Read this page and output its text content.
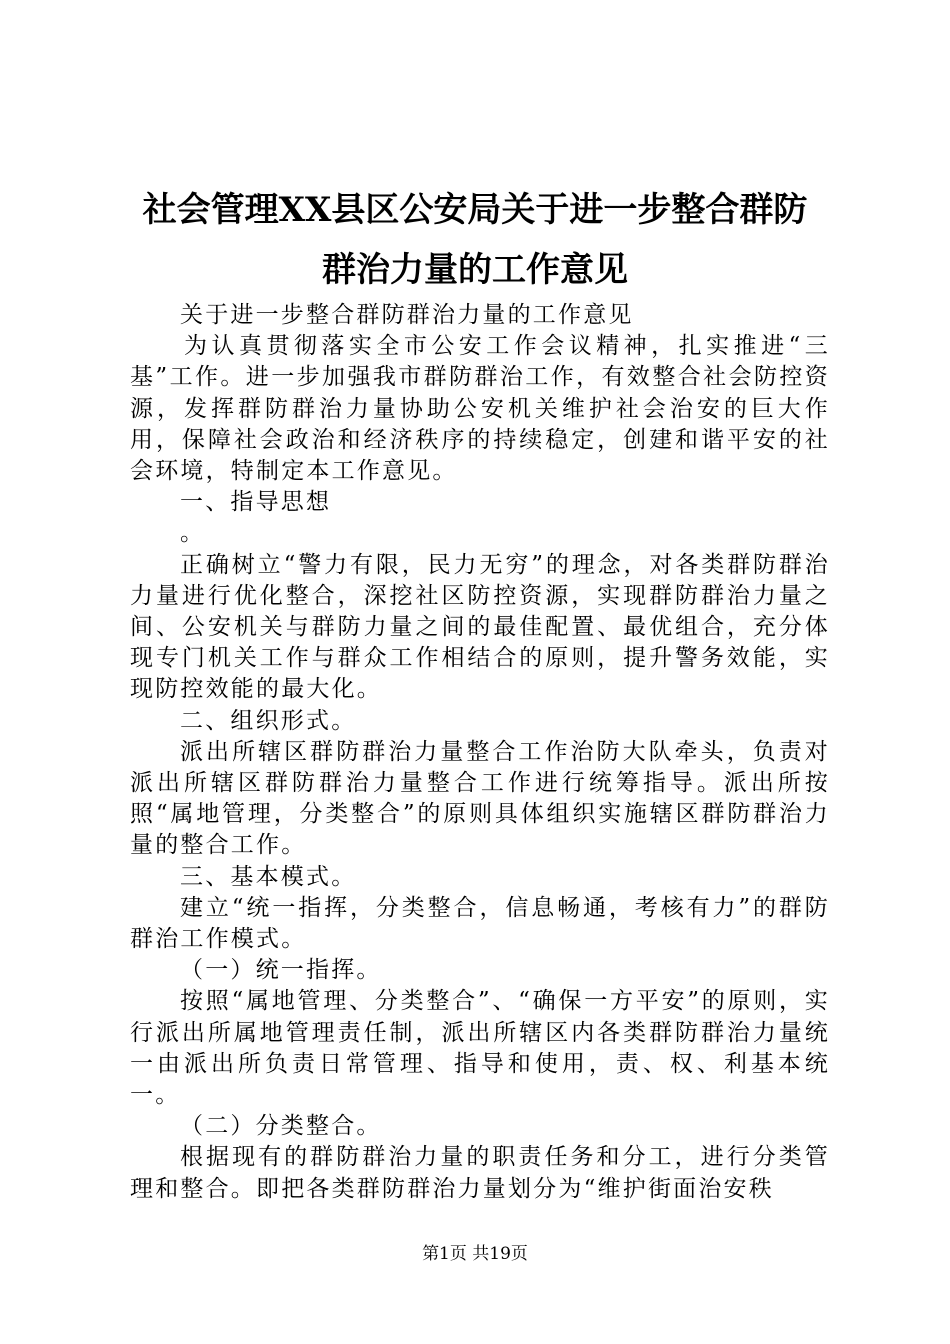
社会管理XX县区公安局关于进一步整合群防
群治力量的工作意见

关于进一步整合群防群治力量的工作意见

为认真贯彻落实全市公安工作会议精神，扎实推进“三基”工作。进一步加强我市群防群治工作，有效整合社会防控资源，发挥群防群治力量协助公安机关维护社会治安的巨大作用，保障社会政治和经济秩序的持续稳定，创建和谐平安的社会环境，特制定本工作意见。

一、指导思想

。

正确树立“警力有限，民力无穷”的理念，对各类群防群治力量进行优化整合，深挖社区防控资源，实现群防群治力量之间、公安机关与群防力量之间的最佳配置、最优组合，充分体现专门机关工作与群众工作相结合的原则，提升警务效能，实现防控效能的最大化。

二、组织形式。

派出所辖区群防群治力量整合工作治防大队牵头，负责对派出所辖区群防群治力量整合工作进行统筹指导。派出所按照“属地管理，分类整合”的原则具体组织实施辖区群防群治力量的整合工作。

三、基本模式。

建立“统一指挥，分类整合，信息畅通，考核有力”的群防群治工作模式。

（一）统一指挥。

按照“属地管理、分类整合”、“确保一方平安”的原则，实行派出所属地管理责任制，派出所辖区内各类群防群治力量统一由派出所负责日常管理、指导和使用，责、权、利基本统一。

（二）分类整合。

根据现有的群防群治力量的职责任务和分工，进行分类管理和整合。即把各类群防群治力量划分为“维护街面治安秩

第1页 共19页
